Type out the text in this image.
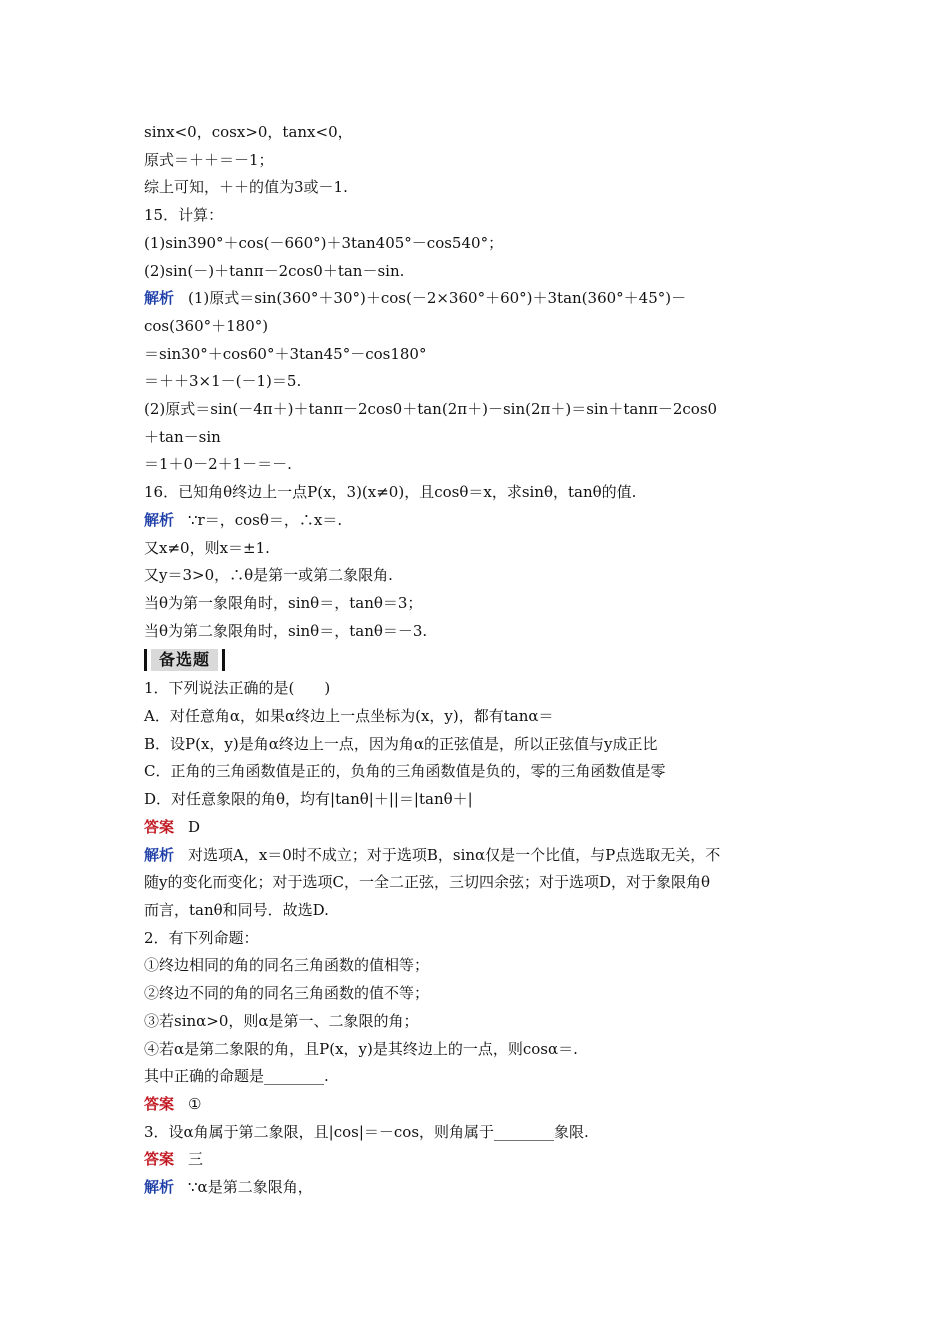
sinx<0，cosx>0，tanx<0，
原式＝＋＋＝－1；
综上可知，＋＋的值为3或－1.
15．计算：
(1)sin390°＋cos(－660°)＋3tan405°－cos540°；
(2)sin(－)＋tanπ－2cos0＋tan－sin.
解析 (1)原式＝sin(360°＋30°)＋cos(－2×360°＋60°)＋3tan(360°＋45°)－
cos(360°＋180°)
＝sin30°＋cos60°＋3tan45°－cos180°
＝＋＋3×1－(－1)＝5.
(2)原式＝sin(－4π＋)＋tanπ－2cos0＋tan(2π＋)－sin(2π＋)＝sin＋tanπ－2cos0
＋tan－sin
＝1＋0－2＋1－＝－.
16．已知角θ终边上一点P(x，3)(x≠0)，且cosθ＝x，求sinθ，tanθ的值.
解析 ∵r＝，cosθ＝，∴x＝.
又x≠0，则x＝±1.
又y＝3>0，∴θ是第一或第二象限角.
当θ为第一象限角时，sinθ＝，tanθ＝3；
当θ为第二象限角时，sinθ＝，tanθ＝－3.
备选题
1．下列说法正确的是(　　)
A．对任意角α，如果α终边上一点坐标为(x，y)，都有tanα＝
B．设P(x，y)是角α终边上一点，因为角α的正弦值是，所以正弦值与y成正比
C．正角的三角函数值是正的，负角的三角函数值是负的，零的三角函数值是零
D．对任意象限的角θ，均有|tanθ|＋||＝|tanθ＋|
答案 D
解析 对选项A，x＝0时不成立；对于选项B，sinα仅是一个比值，与P点选取无关，不
随y的变化而变化；对于选项C，一全二正弦，三切四余弦；对于选项D，对于象限角θ
而言，tanθ和同号．故选D.
2．有下列命题：
①终边相同的角的同名三角函数的值相等；
②终边不同的角的同名三角函数的值不等；
③若sinα>0，则α是第一、二象限的角；
④若α是第二象限的角，且P(x，y)是其终边上的一点，则cosα＝.
其中正确的命题是________.
答案 ①
3．设α角属于第二象限，且|cos|＝－cos，则角属于________象限.
答案 三
解析 ∵α是第二象限角，
